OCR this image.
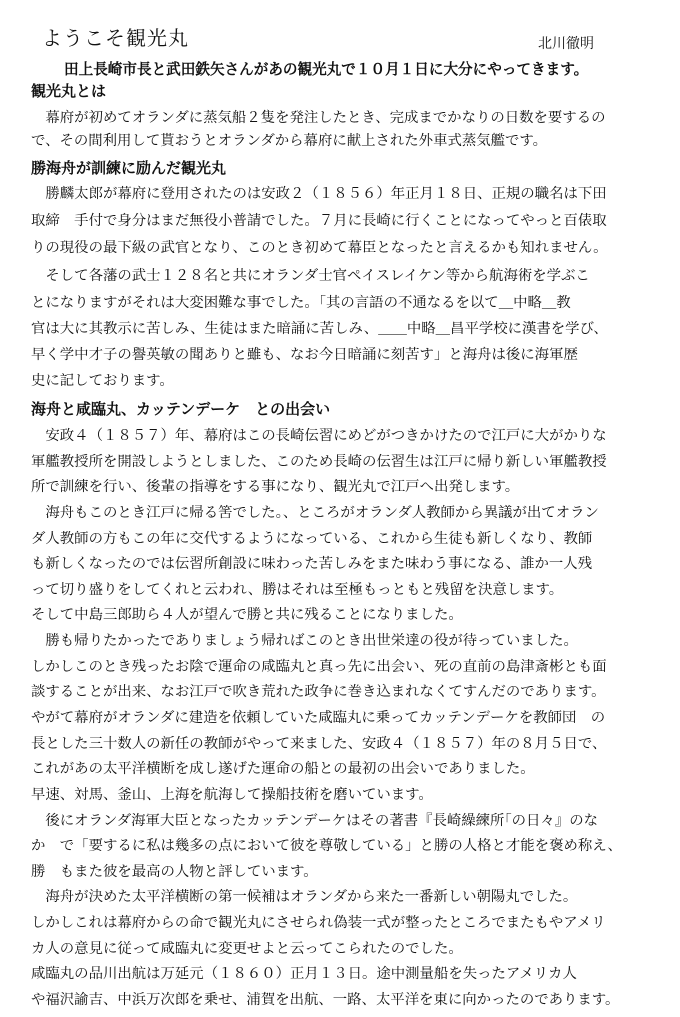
ようこそ観光丸	北川徹明
田上長崎市長と武田鉄矢さんがあの観光丸で１０月１日に大分にやってきます。
観光丸とは
　幕府が初めてオランダに蒸気船２隻を発注したとき、完成までかなりの日数を要するの
で、その間利用して貰おうとオランダから幕府に献上された外車式蒸気艦です。
勝海舟が訓練に励んだ観光丸
　勝麟太郎が幕府に登用されたのは安政２（１８５６）年正月１８日、正規の職名は下田
取締　手付で身分はまだ無役小普請でした。７月に長崎に行くことになってやっと百俵取
りの現役の最下級の武官となり、このとき初めて幕臣となったと言えるかも知れません。
　そして各藩の武士１２８名と共にオランダ士官ペイスレイケン等から航海術を学ぶこ
とになりますがそれは大変困難な事でした。「其の言語の不通なるを以て＿中略＿教
官は大に其教示に苦しみ、生徒はまた暗誦に苦しみ、＿＿中略＿昌平学校に漢書を学び、
早く学中才子の譽英敏の聞ありと雖も、なお今日暗誦に刻苦す」と海舟は後に海軍歴
史に記しております。
海舟と咸臨丸、カッテンデーケ　との出会い
　安政４（１８５７）年、幕府はこの長崎伝習にめどがつきかけたので江戸に大がかりな
軍艦教授所を開設しようとしました、このため長崎の伝習生は江戸に帰り新しい軍艦教授
所で訓練を行い、後輩の指導をする事になり、観光丸で江戸へ出発します。
　海舟もこのとき江戸に帰る筈でした。、ところがオランダ人教師から異議が出てオラン
ダ人教師の方もこの年に交代するようになっている、これから生徒も新しくなり、教師
も新しくなったのでは伝習所創設に味わった苦しみをまた味わう事になる、誰か一人残
って切り盛りをしてくれと云われ、勝はそれは至極もっともと残留を決意します。
そして中島三郎助ら４人が望んで勝と共に残ることになりました。
　勝も帰りたかったでありましょう帰ればこのとき出世栄達の役が待っていました。
しかしこのとき残ったお陰で運命の咸臨丸と真っ先に出会い、死の直前の島津斎彬とも面
談することが出来、なお江戸で吹き荒れた政争に巻き込まれなくてすんだのであります。
やがて幕府がオランダに建造を依頼していた咸臨丸に乗ってカッテンデーケを教師団　の
長とした三十数人の新任の教師がやって来ました、安政４（１８５７）年の８月５日で、
これがあの太平洋横断を成し遂げた運命の船との最初の出会いでありました。
早速、対馬、釜山、上海を航海して操船技術を磨いています。
　後にオランダ海軍大臣となったカッテンデーケはその著書『長崎繰練所｢の日々』のな
か　で「要するに私は幾多の点において彼を尊敬している」と勝の人格と才能を褒め称え、
勝　もまた彼を最高の人物と評しています。
　海舟が決めた太平洋横断の第一候補はオランダから来た一番新しい朝陽丸でした。
しかしこれは幕府からの命で観光丸にさせられ偽装一式が整ったところでまたもやアメリ
カ人の意見に従って咸臨丸に変更せよと云ってこられたのでした。
咸臨丸の品川出航は万延元（１８６０）正月１３日。途中測量船を失ったアメリカ人
や福沢諭吉、中浜万次郎を乗せ、浦賀を出航、一路、太平洋を東に向かったのであります。
